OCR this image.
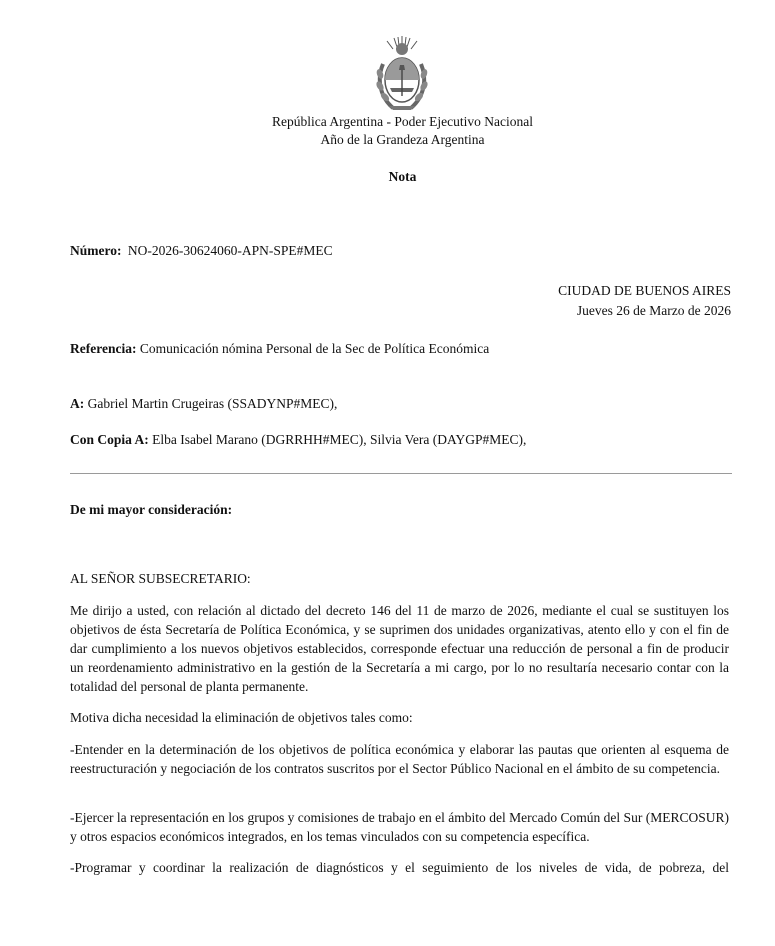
República Argentina - Poder Ejecutivo Nacional
Año de la Grandeza Argentina
Nota
Número: NO-2026-30624060-APN-SPE#MEC
CIUDAD DE BUENOS AIRES
Jueves 26 de Marzo de 2026
Referencia: Comunicación nómina Personal de la Sec de Política Económica
A: Gabriel Martin Crugeiras (SSADYNP#MEC),
Con Copia A: Elba Isabel Marano (DGRRHH#MEC), Silvia Vera (DAYGP#MEC),
De mi mayor consideración:
AL SEÑOR SUBSECRETARIO:
Me dirijo a usted, con relación al dictado del decreto 146 del 11 de marzo de 2026, mediante el cual se sustituyen los objetivos de ésta Secretaría de Política Económica, y se suprimen dos unidades organizativas, atento ello y con el fin de dar cumplimiento a los nuevos objetivos establecidos, corresponde efectuar una reducción de personal a fin de producir un reordenamiento administrativo en la gestión de la Secretaría a mi cargo, por lo no resultaría necesario contar con la totalidad del personal de planta permanente.
Motiva dicha necesidad la eliminación de objetivos tales como:
-Entender en la determinación de los objetivos de política económica y elaborar las pautas que orienten al esquema de reestructuración y negociación de los contratos suscritos por el Sector Público Nacional en el ámbito de su competencia.
-Ejercer la representación en los grupos y comisiones de trabajo en el ámbito del Mercado Común del Sur (MERCOSUR) y otros espacios económicos integrados, en los temas vinculados con su competencia específica.
-Programar y coordinar la realización de diagnósticos y el seguimiento de los niveles de vida, de pobreza, del
